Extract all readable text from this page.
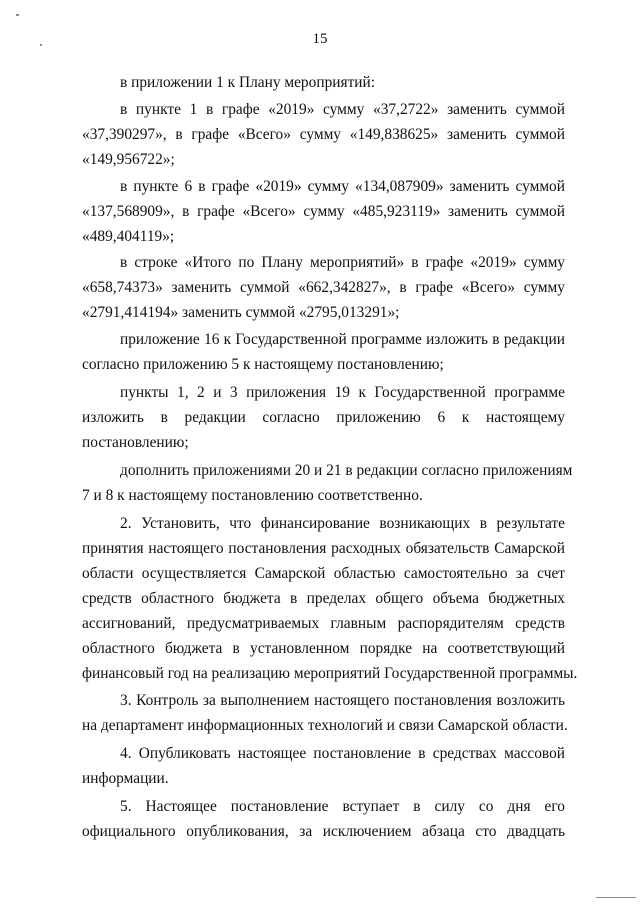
15
в приложении 1 к Плану мероприятий:
в пункте 1 в графе «2019» сумму «37,2722» заменить суммой
«37,390297», в графе «Всего» сумму «149,838625» заменить суммой
«149,956722»;
в пункте 6 в графе «2019» сумму «134,087909» заменить суммой
«137,568909», в графе «Всего» сумму «485,923119» заменить суммой
«489,404119»;
в строке «Итого по Плану мероприятий» в графе «2019» сумму
«658,74373» заменить суммой «662,342827», в графе «Всего» сумму
«2791,414194» заменить суммой «2795,013291»;
приложение 16 к Государственной программе изложить в редакции
согласно приложению 5 к настоящему постановлению;
пункты 1, 2 и 3 приложения 19 к Государственной программе
изложить в редакции согласно приложению 6 к настоящему
постановлению;
дополнить приложениями 20 и 21 в редакции согласно приложениям
7 и 8 к настоящему постановлению соответственно.
2. Установить, что финансирование возникающих в результате
принятия настоящего постановления расходных обязательств Самарской
области осуществляется Самарской областью самостоятельно за счет
средств областного бюджета в пределах общего объема бюджетных
ассигнований, предусматриваемых главным распорядителям средств
областного бюджета в установленном порядке на соответствующий
финансовый год на реализацию мероприятий Государственной программы.
3. Контроль за выполнением настоящего постановления возложить
на департамент информационных технологий и связи Самарской области.
4. Опубликовать настоящее постановление в средствах массовой
информации.
5. Настоящее постановление вступает в силу со дня его
официального опубликования, за исключением абзаца сто двадцать
